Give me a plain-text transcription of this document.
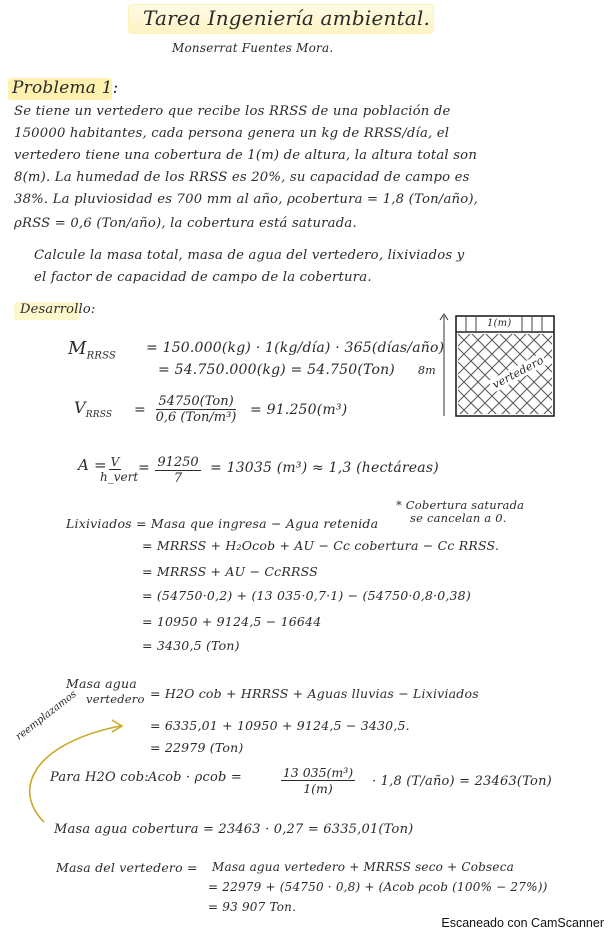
Tarea Ingeniería ambiental.
Monserrat Fuentes Mora.
Problema 1:
Se tiene un vertedero que recibe los RRSS de una población de
150000 habitantes, cada persona genera un kg de RRSS/día, el
vertedero tiene una cobertura de 1(m) de altura, la altura total son
8(m). La humedad de los RRSS es 20%, su capacidad de campo es
38%. La pluviosidad es 700 mm al año, ρcobertura = 1,8 (Ton/año),
ρRSS = 0,6 (Ton/año), la cobertura está saturada.
Calcule la masa total, masa de agua del vertedero, lixiviados y
el factor de capacidad de campo de la cobertura.
Desarrollo:
$M_{RRSS}$
= 150.000(kg) · 1(kg/día) · 365(días/año)
= 54.750.000(kg) = 54.750(Ton)
$V_{RRSS}$ =
54750(Ton)
0,6 (Ton/m³) = 91.250(m³)
A = V
h_vert
= $\frac{91250}{7} = 13035$ (m³) ≈ 1,3 (hectáreas)
* Cobertura saturada
se cancelan a 0.
Lixiviados = Masa que ingresa − Agua retenida
= MRRSS + H₂Ocob + AU − Cc cobertura − Cc RRSS.
= MRRSS + AU − CcRRSS
= (54750·0,2) + (13 035·0,7·1) − (54750·0,8·0,38)
= 10950 + 9124,5 − 16644
= 3430,5 (Ton)
Masa agua
vertedero = H2O cob + HRRSS + Aguas lluvias − Lixiviados
= 6335,01 + 10950 + 9124,5 − 3430,5.
= 22979 (Ton)
reemplazamos
Para H2O cob: Acob · $\rho cob = \frac{\text{13 035(m³)}}{1(m)} \cdot 1,8$ (T/año) = 23463(Ton)
Masa agua cobertura = 23463 · 0,27 = 6335,01(Ton)
Masa del vertedero = Masa agua vertedero + MRRSS seco + Cobseca
= 22979 + (54750 · 0,8) + (Acob ρcob (100% − 27%))
= 93 907 Ton.
1(m)
8m	vertedero
Escaneado con CamScanner
